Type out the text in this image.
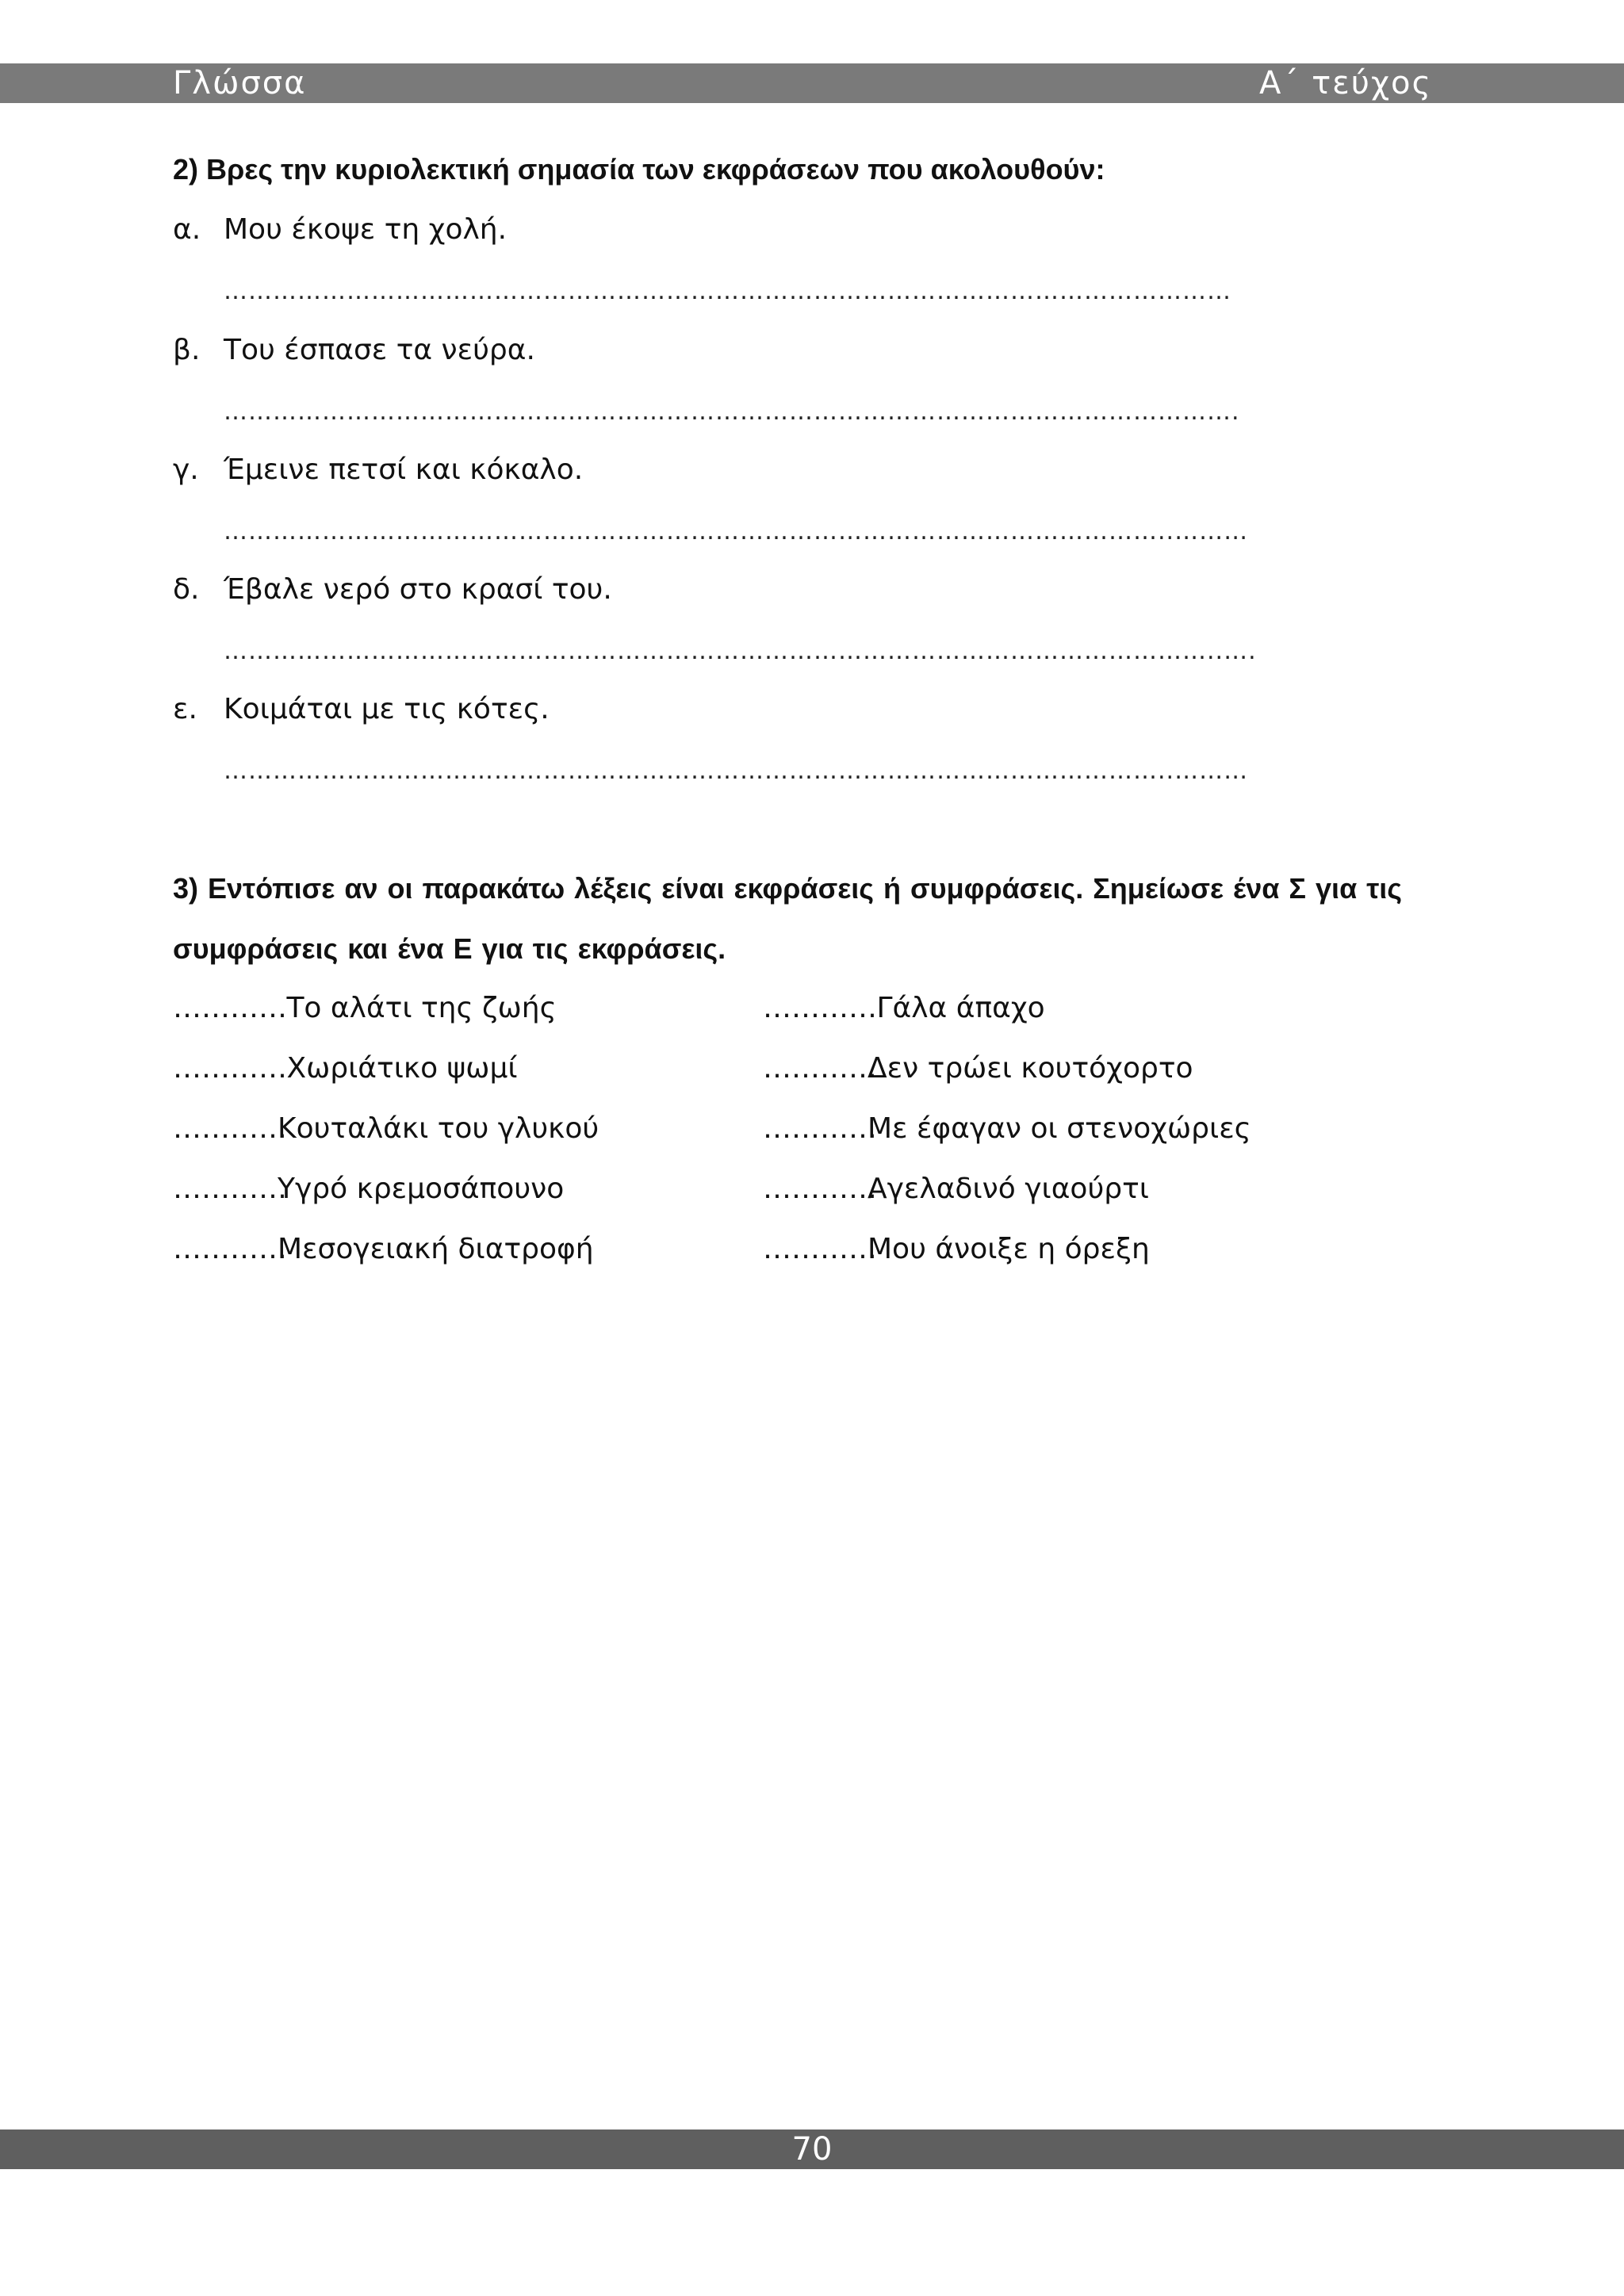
Γλώσσα	Α΄ τεύχος

2) Βρες την κυριολεκτική σημασία των εκφράσεων που ακολουθούν:

α. Μου έκοψε τη χολή.
……………………………………………………………………………………………………………
β. Του έσπασε τα νεύρα.
…………………………………………………………………………………………………………….
γ. Έμεινε πετσί και κόκαλο.
……………………………………………………………………………………………………..………
δ. Έβαλε νερό στο κρασί του.
…………………………………………………………………………………………………………..….
ε. Κοιμάται με τις κότες.
……………………………………………………………………………………………………..………

3) Εντόπισε αν οι παρακάτω λέξεις είναι εκφράσεις ή συμφράσεις. Σημείωσε ένα Σ για τις συμφράσεις και ένα Ε για τις εκφράσεις.

………… Το αλάτι της ζωής	………… Γάλα άπαχο
………… Χωριάτικο ψωμί	…………Δεν τρώει κουτόχορτο
…………Κουταλάκι του γλυκού	…………Με έφαγαν οι στενοχώριες
…………Υγρό κρεμοσάπουνο	…………Αγελαδινό γιαούρτι
…………Μεσογειακή διατροφή	…………Μου άνοιξε η όρεξη
70
